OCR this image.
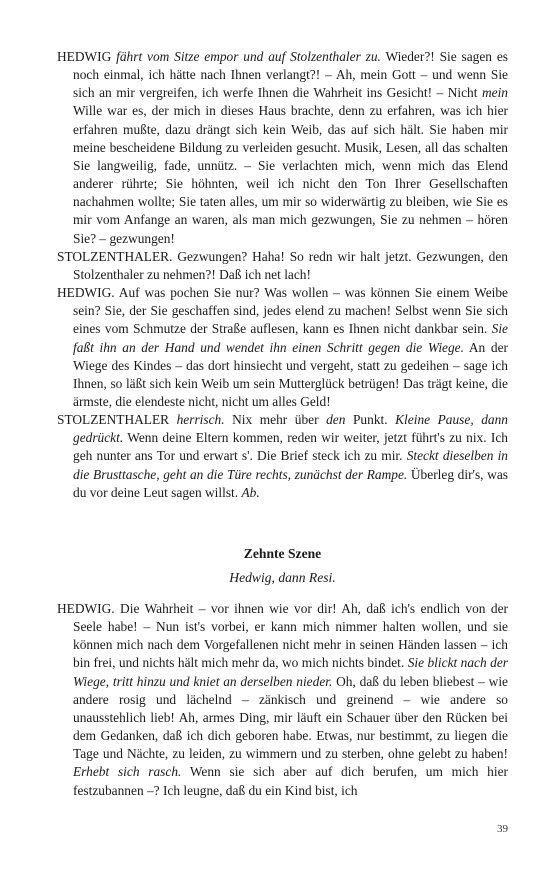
HEDWIG fährt vom Sitze empor und auf Stolzenthaler zu. Wieder?! Sie sagen es noch einmal, ich hätte nach Ihnen verlangt?! – Ah, mein Gott – und wenn Sie sich an mir vergreifen, ich werfe Ihnen die Wahrheit ins Gesicht! – Nicht mein Wille war es, der mich in dieses Haus brachte, denn zu erfahren, was ich hier erfahren mußte, dazu drängt sich kein Weib, das auf sich hält. Sie haben mir meine bescheidene Bildung zu verleiden gesucht. Musik, Lesen, all das schalten Sie langweilig, fade, unnütz. – Sie verlachten mich, wenn mich das Elend anderer rührte; Sie höhnten, weil ich nicht den Ton Ihrer Gesellschaften nachahmen wollte; Sie taten alles, um mir so widerwärtig zu bleiben, wie Sie es mir vom Anfange an waren, als man mich gezwungen, Sie zu nehmen – hören Sie? – gezwungen!
STOLZENTHALER. Gezwungen? Haha! So redn wir halt jetzt. Gezwungen, den Stolzenthaler zu nehmen?! Daß ich net lach!
HEDWIG. Auf was pochen Sie nur? Was wollen – was können Sie einem Weibe sein? Sie, der Sie geschaffen sind, jedes elend zu machen! Selbst wenn Sie sich eines vom Schmutze der Straße auflesen, kann es Ihnen nicht dankbar sein. Sie faßt ihn an der Hand und wendet ihn einen Schritt gegen die Wiege. An der Wiege des Kindes – das dort hinsiecht und vergeht, statt zu gedeihen – sage ich Ihnen, so läßt sich kein Weib um sein Mutterglück betrügen! Das trägt keine, die ärmste, die elendeste nicht, nicht um alles Geld!
STOLZENTHALER herrisch. Nix mehr über den Punkt. Kleine Pause, dann gedrückt. Wenn deine Eltern kommen, reden wir weiter, jetzt führt's zu nix. Ich geh nunter ans Tor und erwart s'. Die Brief steck ich zu mir. Steckt dieselben in die Brusttasche, geht an die Türe rechts, zunächst der Rampe. Überleg dir's, was du vor deine Leut sagen willst. Ab.
Zehnte Szene
Hedwig, dann Resi.
HEDWIG. Die Wahrheit – vor ihnen wie vor dir! Ah, daß ich's endlich von der Seele habe! – Nun ist's vorbei, er kann mich nimmer halten wollen, und sie können mich nach dem Vorgefallenen nicht mehr in seinen Händen lassen – ich bin frei, und nichts hält mich mehr da, wo mich nichts bindet. Sie blickt nach der Wiege, tritt hinzu und kniet an derselben nieder. Oh, daß du leben bliebest – wie andere rosig und lächelnd – zänkisch und greinend – wie andere so unausstehlich lieb! Ah, armes Ding, mir läuft ein Schauer über den Rücken bei dem Gedanken, daß ich dich geboren habe. Etwas, nur bestimmt, zu liegen die Tage und Nächte, zu leiden, zu wimmern und zu sterben, ohne gelebt zu haben! Erhebt sich rasch. Wenn sie sich aber auf dich berufen, um mich hier festzubannen –? Ich leugne, daß du ein Kind bist, ich
39
